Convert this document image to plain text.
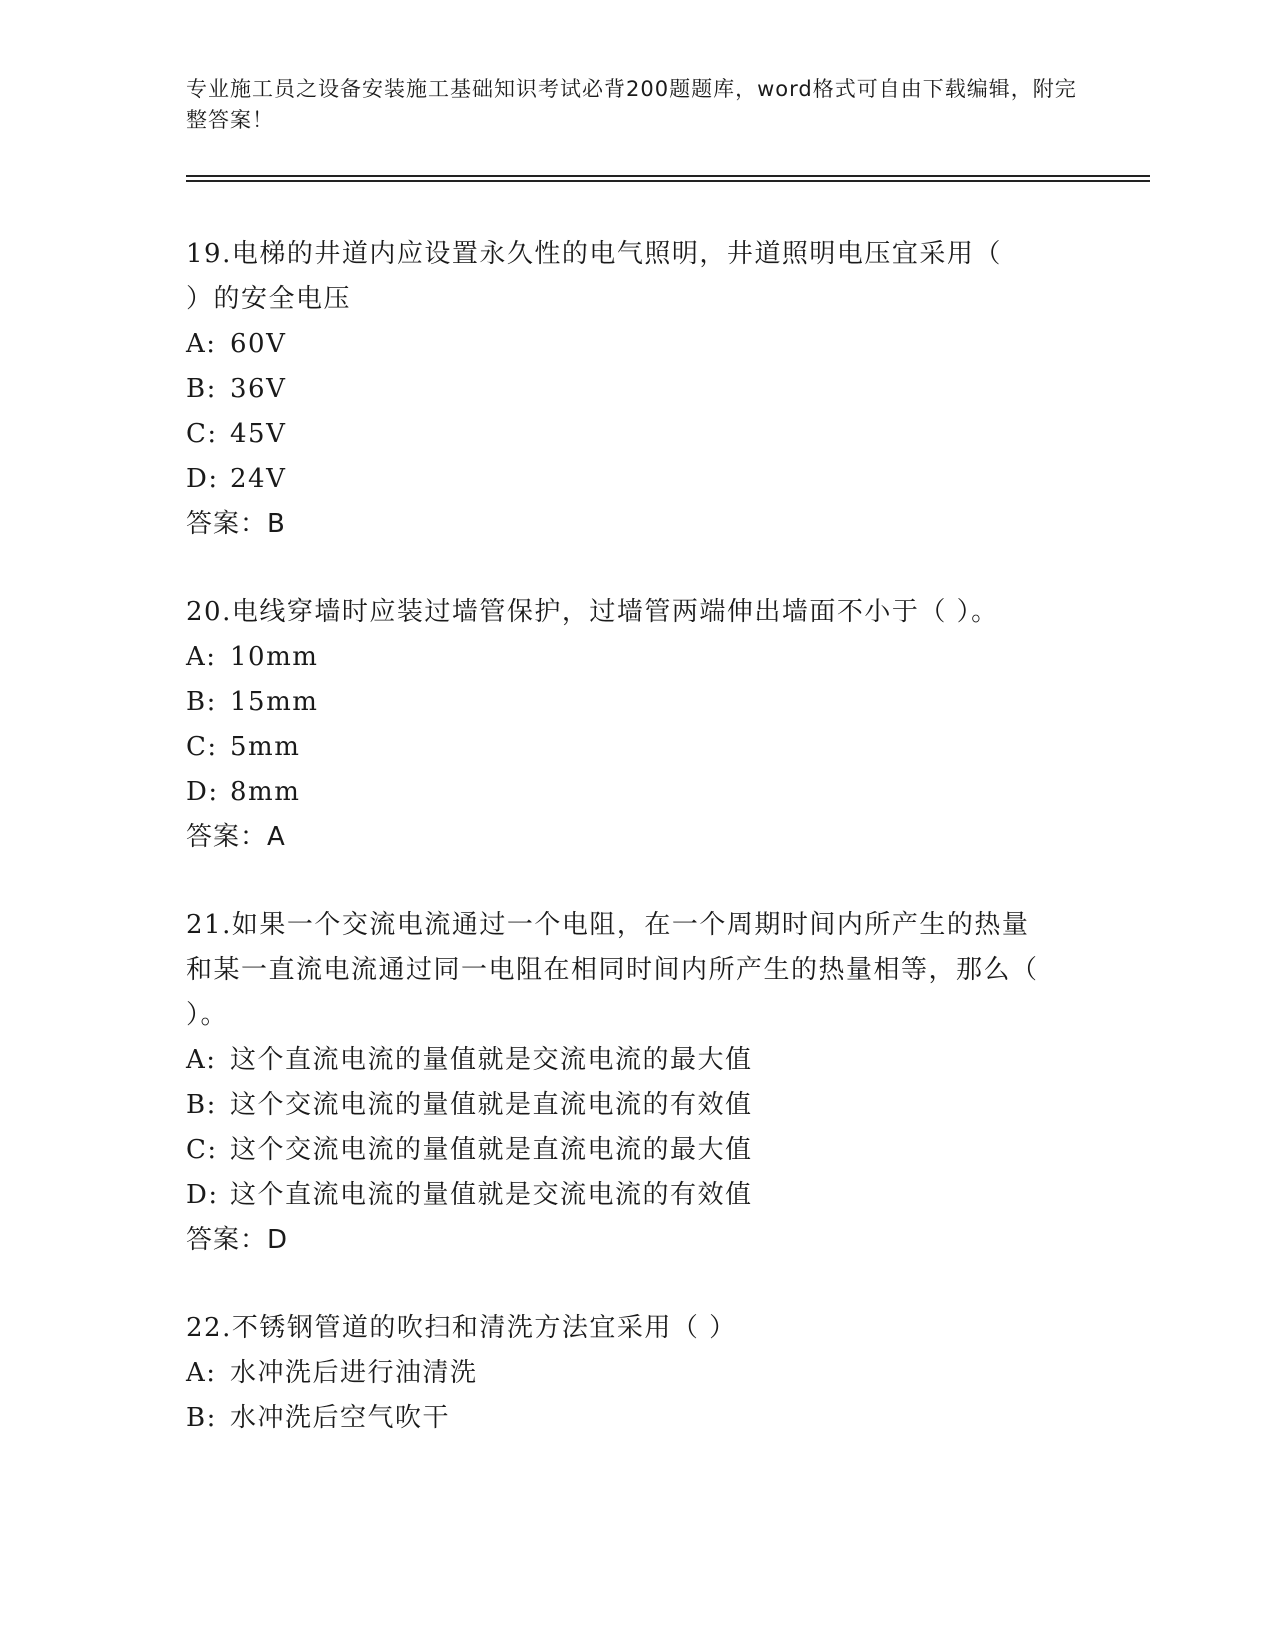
专业施工员之设备安装施工基础知识考试必背200题题库，word格式可自由下载编辑，附完整答案！
19.电梯的井道内应设置永久性的电气照明，井道照明电压宜采用（ ）的安全电压
A: 60V
B: 36V
C: 45V
D: 24V
答案：B
20.电线穿墙时应装过墙管保护，过墙管两端伸出墙面不小于（ ）。
A: 10mm
B: 15mm
C: 5mm
D: 8mm
答案：A
21.如果一个交流电流通过一个电阻，在一个周期时间内所产生的热量和某一直流电流通过同一电阻在相同时间内所产生的热量相等，那么（ ）。
A: 这个直流电流的量值就是交流电流的最大值
B: 这个交流电流的量值就是直流电流的有效值
C: 这个交流电流的量值就是直流电流的最大值
D: 这个直流电流的量值就是交流电流的有效值
答案：D
22.不锈钢管道的吹扫和清洗方法宜采用（ ）
A: 水冲洗后进行油清洗
B: 水冲洗后空气吹干
